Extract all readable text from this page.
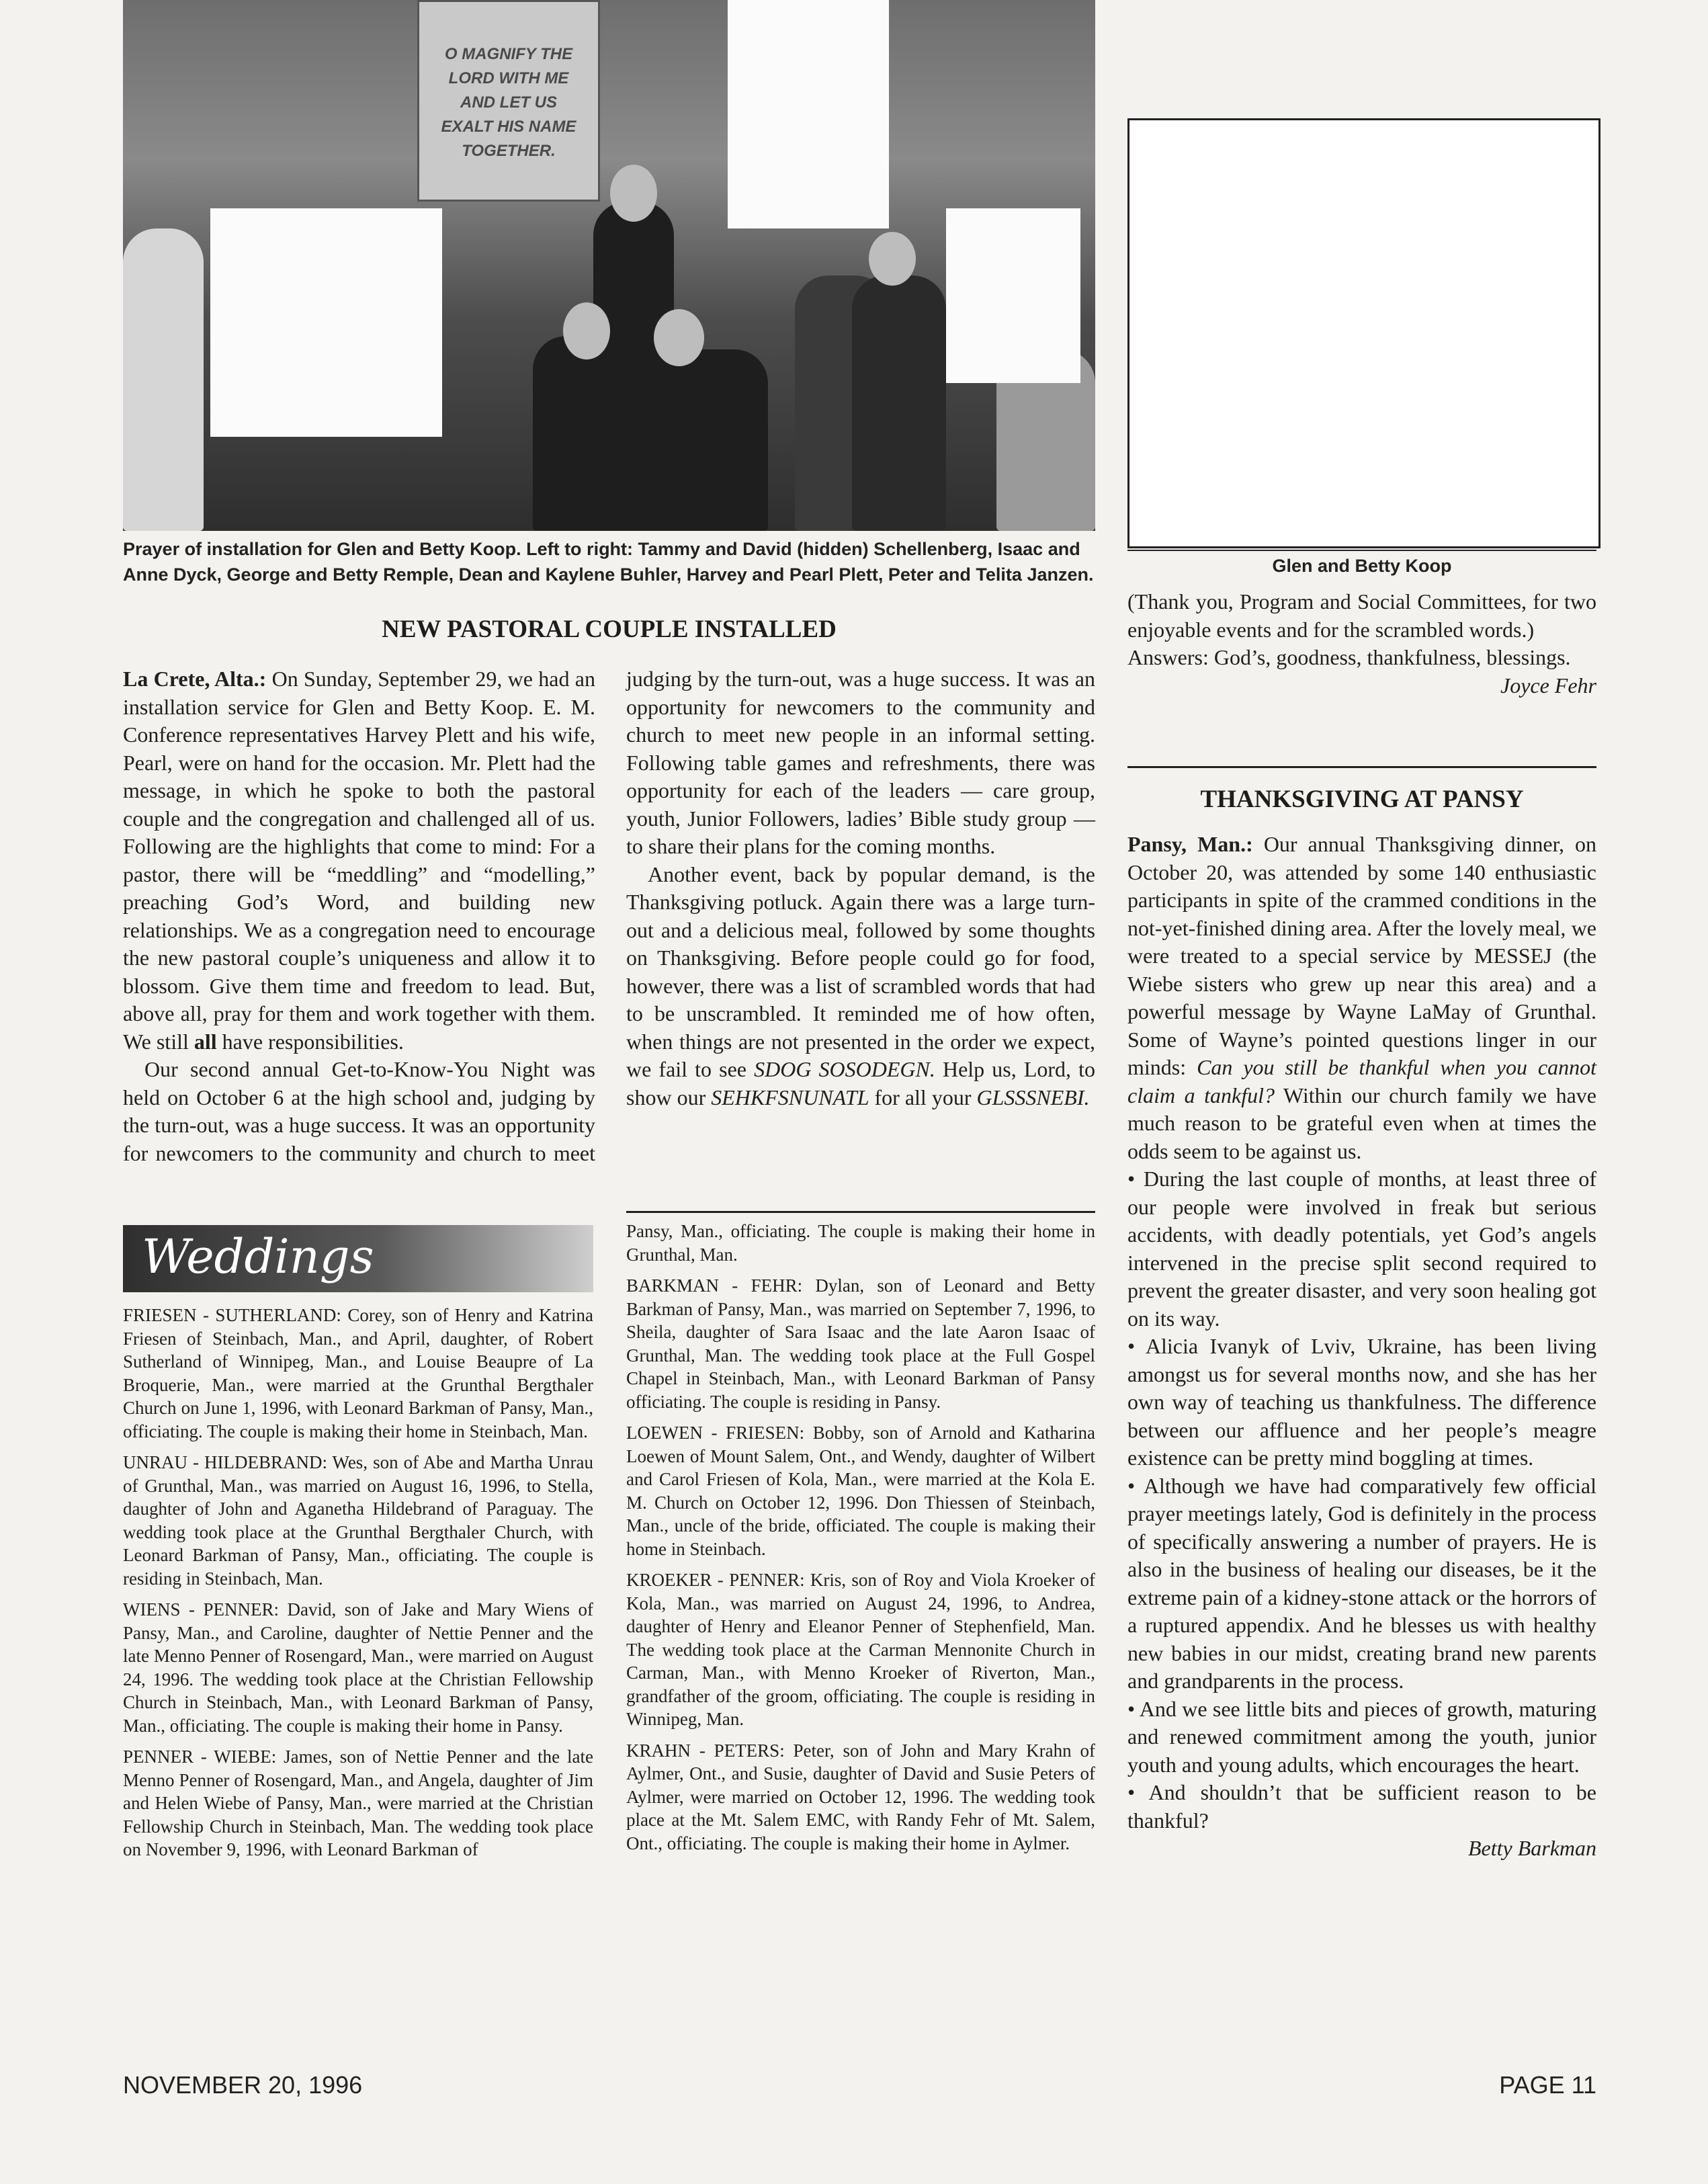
O MAGNIFY THE
LORD WITH ME
AND LET US
EXALT HIS NAME
TOGETHER.
Prayer of installation for Glen and Betty Koop. Left to right: Tammy and David (hidden) Schellenberg, Isaac and Anne Dyck, George and Betty Remple, Dean and Kaylene Buhler, Harvey and Pearl Plett, Peter and Telita Janzen.	Glen and Betty Koop
NEW PASTORAL COUPLE INSTALLED

La Crete, Alta.: On Sunday, September 29, we had an installation service for Glen and Betty Koop. E. M. Conference representatives Harvey Plett and his wife, Pearl, were on hand for the occasion. Mr. Plett had the message, in which he spoke to both the pastoral couple and the congregation and challenged all of us. Following are the highlights that come to mind: For a pastor, there will be “meddling” and “modelling,” preaching God’s Word, and building new relationships. We as a congregation need to encourage the new pastoral couple’s uniqueness and allow it to blossom. Give them time and freedom to lead. But, above all, pray for them and work together with them. We still all have responsibilities.

Our second annual Get-to-Know-You Night was held on October 6 at the high school and, judging by the turn-out, was a huge success. It was an opportunity for newcomers to the community and church to meet

judging by the turn-out, was a huge success. It was an opportunity for newcomers to the community and church to meet new people in an informal setting. Following table games and refreshments, there was opportunity for each of the leaders — care group, youth, Junior Followers, ladies’ Bible study group — to share their plans for the coming months.

Another event, back by popular demand, is the Thanksgiving potluck. Again there was a large turn-out and a delicious meal, followed by some thoughts on Thanksgiving. Before people could go for food, however, there was a list of scrambled words that had to be unscrambled. It reminded me of how often, when things are not presented in the order we expect, we fail to see SDOG SOSODEGN. Help us, Lord, to show our SEHKFSNUNATL for all your GLSSSNEBI.

(Thank you, Program and Social Committees, for two enjoyable events and for the scrambled words.)

Answers: God’s, goodness, thankfulness, blessings.

Joyce Fehr
THANKSGIVING AT PANSY

Pansy, Man.: Our annual Thanksgiving dinner, on October 20, was attended by some 140 enthusiastic participants in spite of the crammed conditions in the not-yet-finished dining area. After the lovely meal, we were treated to a special service by MESSEJ (the Wiebe sisters who grew up near this area) and a powerful message by Wayne LaMay of Grunthal. Some of Wayne’s pointed questions linger in our minds: Can you still be thankful when you cannot claim a tankful? Within our church family we have much reason to be grateful even when at times the odds seem to be against us.

• During the last couple of months, at least three of our people were involved in freak but serious accidents, with deadly potentials, yet God’s angels intervened in the precise split second required to prevent the greater disaster, and very soon healing got on its way.

• Alicia Ivanyk of Lviv, Ukraine, has been living amongst us for several months now, and she has her own way of teaching us thankfulness. The difference between our affluence and her people’s meagre existence can be pretty mind boggling at times.

• Although we have had comparatively few official prayer meetings lately, God is definitely in the process of specifically answering a number of prayers. He is also in the business of healing our diseases, be it the extreme pain of a kidney-stone attack or the horrors of a ruptured appendix. And he blesses us with healthy new babies in our midst, creating brand new parents and grandparents in the process.

• And we see little bits and pieces of growth, maturing and renewed commitment among the youth, junior youth and young adults, which encourages the heart.

• And shouldn’t that be sufficient reason to be thankful?

Betty Barkman
Weddings

FRIESEN - SUTHERLAND: Corey, son of Henry and Katrina Friesen of Steinbach, Man., and April, daughter, of Robert Sutherland of Winnipeg, Man., and Louise Beaupre of La Broquerie, Man., were married at the Grunthal Bergthaler Church on June 1, 1996, with Leonard Barkman of Pansy, Man., officiating. The couple is making their home in Steinbach, Man.

UNRAU - HILDEBRAND: Wes, son of Abe and Martha Unrau of Grunthal, Man., was married on August 16, 1996, to Stella, daughter of John and Aganetha Hildebrand of Paraguay. The wedding took place at the Grunthal Bergthaler Church, with Leonard Barkman of Pansy, Man., officiating. The couple is residing in Steinbach, Man.

WIENS - PENNER: David, son of Jake and Mary Wiens of Pansy, Man., and Caroline, daughter of Nettie Penner and the late Menno Penner of Rosengard, Man., were married on August 24, 1996. The wedding took place at the Christian Fellowship Church in Steinbach, Man., with Leonard Barkman of Pansy, Man., officiating. The couple is making their home in Pansy.

PENNER - WIEBE: James, son of Nettie Penner and the late Menno Penner of Rosengard, Man., and Angela, daughter of Jim and Helen Wiebe of Pansy, Man., were married at the Christian Fellowship Church in Steinbach, Man. The wedding took place on November 9, 1996, with Leonard Barkman of

Pansy, Man., officiating. The couple is making their home in Grunthal, Man.

BARKMAN - FEHR: Dylan, son of Leonard and Betty Barkman of Pansy, Man., was married on September 7, 1996, to Sheila, daughter of Sara Isaac and the late Aaron Isaac of Grunthal, Man. The wedding took place at the Full Gospel Chapel in Steinbach, Man., with Leonard Barkman of Pansy officiating. The couple is residing in Pansy.

LOEWEN - FRIESEN: Bobby, son of Arnold and Katharina Loewen of Mount Salem, Ont., and Wendy, daughter of Wilbert and Carol Friesen of Kola, Man., were married at the Kola E. M. Church on October 12, 1996. Don Thiessen of Steinbach, Man., uncle of the bride, officiated. The couple is making their home in Steinbach.

KROEKER - PENNER: Kris, son of Roy and Viola Kroeker of Kola, Man., was married on August 24, 1996, to Andrea, daughter of Henry and Eleanor Penner of Stephenfield, Man. The wedding took place at the Carman Mennonite Church in Carman, Man., with Menno Kroeker of Riverton, Man., grandfather of the groom, officiating. The couple is residing in Winnipeg, Man.

KRAHN - PETERS: Peter, son of John and Mary Krahn of Aylmer, Ont., and Susie, daughter of David and Susie Peters of Aylmer, were married on October 12, 1996. The wedding took place at the Mt. Salem EMC, with Randy Fehr of Mt. Salem, Ont., officiating. The couple is making their home in Aylmer.

NOVEMBER 20, 1996	PAGE 11
